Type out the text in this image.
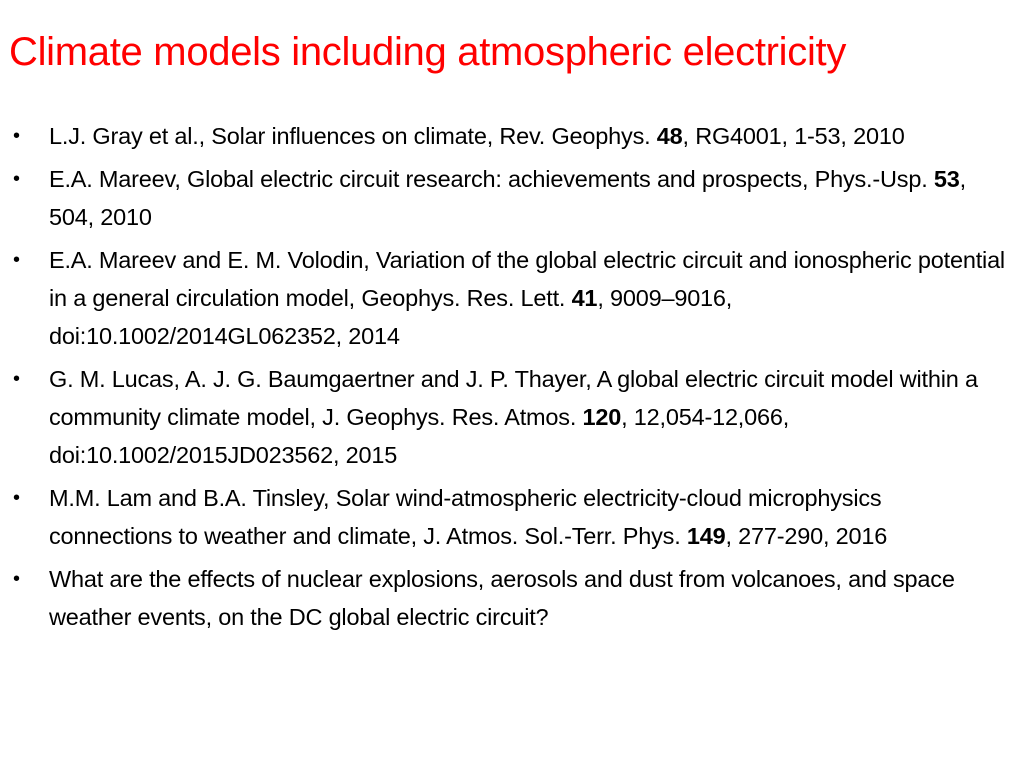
Climate models including atmospheric electricity
• L.J. Gray et al., Solar influences on climate, Rev. Geophys. 48, RG4001, 1-53, 2010
• E.A. Mareev, Global electric circuit research: achievements and prospects, Phys.-Usp. 53, 504, 2010
• E.A. Mareev and E. M. Volodin, Variation of the global electric circuit and ionospheric potential in a general circulation model, Geophys. Res. Lett. 41, 9009–9016, doi:10.1002/2014GL062352, 2014
• G. M. Lucas, A. J. G. Baumgaertner and J. P. Thayer, A global electric circuit model within a community climate model, J. Geophys. Res. Atmos. 120, 12,054-12,066, doi:10.1002/2015JD023562, 2015
• M.M. Lam and B.A. Tinsley, Solar wind-atmospheric electricity-cloud microphysics connections to weather and climate, J. Atmos. Sol.-Terr. Phys. 149, 277-290, 2016
• What are the effects of nuclear explosions, aerosols and dust from volcanoes, and space weather events, on the DC global electric circuit?
